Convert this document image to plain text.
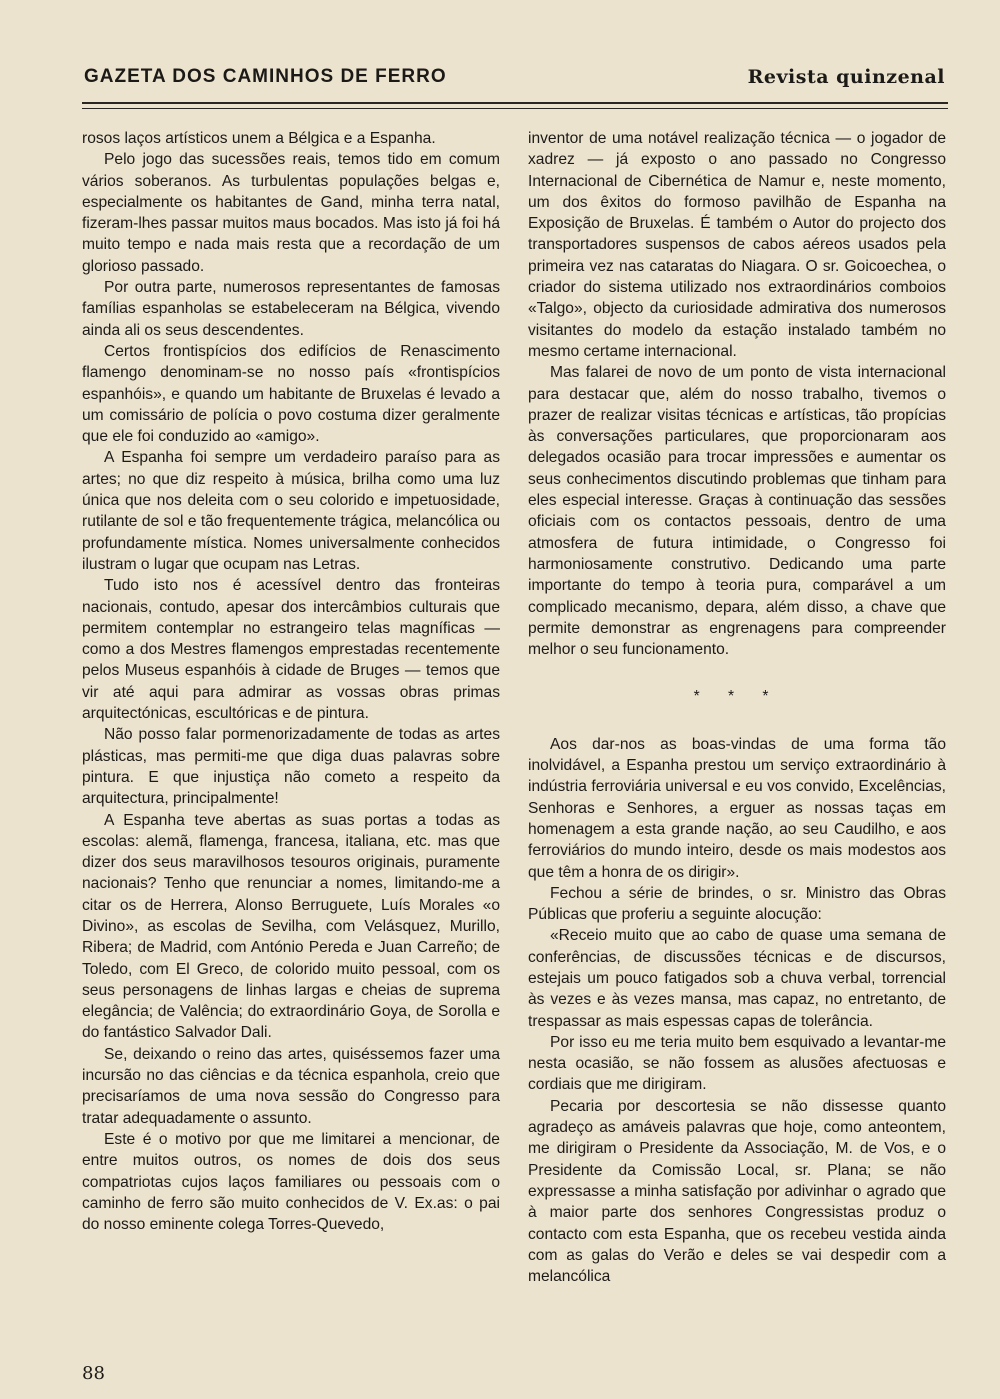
GAZETA DOS CAMINHOS DE FERRO	Revista quinzenal

rosos laços artísticos unem a Bélgica e a Espanha.

Pelo jogo das sucessões reais, temos tido em comum vários soberanos. As turbulentas populações belgas e, especialmente os habitantes de Gand, minha terra natal, fizeram-lhes passar muitos maus bocados. Mas isto já foi há muito tempo e nada mais resta que a recordação de um glorioso passado.

Por outra parte, numerosos representantes de famosas famílias espanholas se estabeleceram na Bélgica, vivendo ainda ali os seus descendentes.

Certos frontispícios dos edifícios de Renascimento flamengo denominam-se no nosso país «frontispícios espanhóis», e quando um habitante de Bruxelas é levado a um comissário de polícia o povo costuma dizer geralmente que ele foi conduzido ao «amigo».

A Espanha foi sempre um verdadeiro paraíso para as artes; no que diz respeito à música, brilha como uma luz única que nos deleita com o seu colorido e impetuosidade, rutilante de sol e tão frequentemente trágica, melancólica ou profundamente mística. Nomes universalmente conhecidos ilustram o lugar que ocupam nas Letras.

Tudo isto nos é acessível dentro das fronteiras nacionais, contudo, apesar dos intercâmbios culturais que permitem contemplar no estrangeiro telas magníficas — como a dos Mestres flamengos emprestadas recentemente pelos Museus espanhóis à cidade de Bruges — temos que vir até aqui para admirar as vossas obras primas arquitectónicas, escultóricas e de pintura.

Não posso falar pormenorizadamente de todas as artes plásticas, mas permiti-me que diga duas palavras sobre pintura. E que injustiça não cometo a respeito da arquitectura, principalmente!

A Espanha teve abertas as suas portas a todas as escolas: alemã, flamenga, francesa, italiana, etc. mas que dizer dos seus maravilhosos tesouros originais, puramente nacionais? Tenho que renunciar a nomes, limitando-me a citar os de Herrera, Alonso Berruguete, Luís Morales «o Divino», as escolas de Sevilha, com Velásquez, Murillo, Ribera; de Madrid, com António Pereda e Juan Carreño; de Toledo, com El Greco, de colorido muito pessoal, com os seus personagens de linhas largas e cheias de suprema elegância; de Valência; do extraordinário Goya, de Sorolla e do fantástico Salvador Dali.

Se, deixando o reino das artes, quiséssemos fazer uma incursão no das ciências e da técnica espanhola, creio que precisaríamos de uma nova sessão do Congresso para tratar adequadamente o assunto.

Este é o motivo por que me limitarei a mencionar, de entre muitos outros, os nomes de dois dos seus compatriotas cujos laços familiares ou pessoais com o caminho de ferro são muito conhecidos de V. Ex.as: o pai do nosso eminente colega Torres-Quevedo,

inventor de uma notável realização técnica — o jogador de xadrez — já exposto o ano passado no Congresso Internacional de Cibernética de Namur e, neste momento, um dos êxitos do formoso pavilhão de Espanha na Exposição de Bruxelas. É também o Autor do projecto dos transportadores suspensos de cabos aéreos usados pela primeira vez nas cataratas do Niagara. O sr. Goicoechea, o criador do sistema utilizado nos extraordinários comboios «Talgo», objecto da curiosidade admirativa dos numerosos visitantes do modelo da estação instalado também no mesmo certame internacional.

Mas falarei de novo de um ponto de vista internacional para destacar que, além do nosso trabalho, tivemos o prazer de realizar visitas técnicas e artísticas, tão propícias às conversações particulares, que proporcionaram aos delegados ocasião para trocar impressões e aumentar os seus conhecimentos discutindo problemas que tinham para eles especial interesse. Graças à continuação das sessões oficiais com os contactos pessoais, dentro de uma atmosfera de futura intimidade, o Congresso foi harmoniosamente construtivo. Dedicando uma parte importante do tempo à teoria pura, comparável a um complicado mecanismo, depara, além disso, a chave que permite demonstrar as engrenagens para compreender melhor o seu funcionamento.

* * *

Aos dar-nos as boas-vindas de uma forma tão inolvidável, a Espanha prestou um serviço extraordinário à indústria ferroviária universal e eu vos convido, Excelências, Senhoras e Senhores, a erguer as nossas taças em homenagem a esta grande nação, ao seu Caudilho, e aos ferroviários do mundo inteiro, desde os mais modestos aos que têm a honra de os dirigir».

Fechou a série de brindes, o sr. Ministro das Obras Públicas que proferiu a seguinte alocução:

«Receio muito que ao cabo de quase uma semana de conferências, de discussões técnicas e de discursos, estejais um pouco fatigados sob a chuva verbal, torrencial às vezes e às vezes mansa, mas capaz, no entretanto, de trespassar as mais espessas capas de tolerância.

Por isso eu me teria muito bem esquivado a levantar-me nesta ocasião, se não fossem as alusões afectuosas e cordiais que me dirigiram.

Pecaria por descortesia se não dissesse quanto agradeço as amáveis palavras que hoje, como anteontem, me dirigiram o Presidente da Associação, M. de Vos, e o Presidente da Comissão Local, sr. Plana; se não expressasse a minha satisfação por adivinhar o agrado que à maior parte dos senhores Congressistas produz o contacto com esta Espanha, que os recebeu vestida ainda com as galas do Verão e deles se vai despedir com a melancólica

88
